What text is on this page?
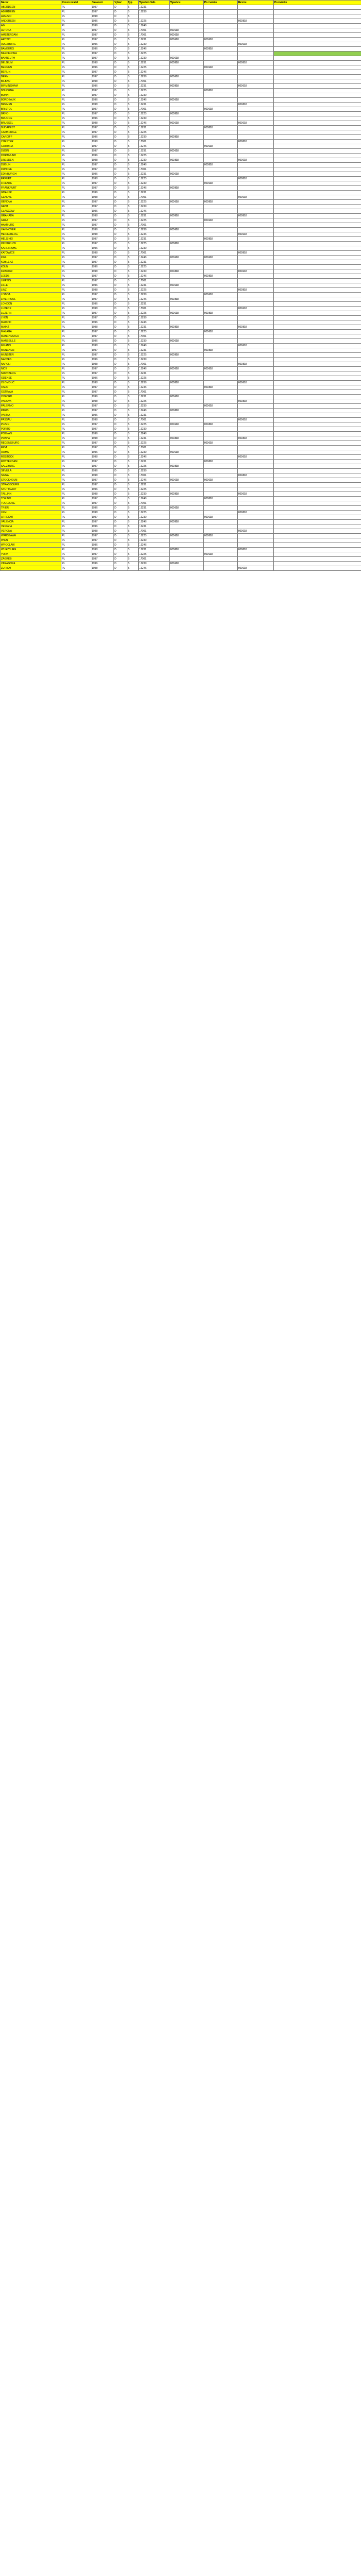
Název	Provozovatel	Nasazení	Výkon	Typ	Výrobní číslo	Výrobce	Poznámka	Revize	Poznámka
ABERDEEN	PL	1997	D	5	16231				
ABERDEEN	PL	1997	D	5	16239				
AREZZO	PL	1998	D	5					
ANDERSEN	PL	1996	D	5	16225			060818	
AIN	PL	1996	D	5	16246				
ALTONA	PL	1997	D	5	17001	060618			
AMSTERDAM	PL	1997	D	5	17001	060618			
ARCTIC	PL	1997	D	5	16231	060618	050618		
AUGSBURG	PL	1996	D	5	16239			060618	
BAMBERG	PL	1996	D	5	16246		060818		
BARCELONA	PL	1997	D	5	16225				
BAYREUTH	PL	1997	D	5	16239	060618			
BELGIUM	PL	1998	D	5	16231	060818		060818	
BERGEN	PL	1996	D	5	16225		060618		
BERLIN	PL	1997	D	5	16246				
BERN	PL	1997	D	5	16239	060618			
BILBAO	PL	1998	D	5	17001				
BIRMINGHAM	PL	1996	D	5	16231	060818		060618	
BOLOGNA	PL	1997	D	5	16225		060818		
BONN	PL	1997	D	5	16239				
BORDEAUX	PL	1996	D	5	16246	060618			
BREMEN	PL	1998	D	5	16231			060818	
BRISTOL	PL	1997	D	5	17001		060618		
BRNO	PL	1997	D	5	16225	060818			
BRUGGE	PL	1996	D	5	16239				
BRUSSEL	PL	1998	D	5	16246	060618		060618	
BUDAPEST	PL	1997	D	5	16231		060818		
CAMBRIDGE	PL	1997	D	5	16225				
CARDIFF	PL	1996	D	5	16239	060818			
CHESTER	PL	1998	D	5	17001			060818	
COIMBRA	PL	1997	D	5	16246		060618		
DIJON	PL	1997	D	5	16231	060618			
DORTMUND	PL	1996	D	5	16225				
DRESDEN	PL	1998	D	5	16239	060818		060618	
DUBLIN	PL	1997	D	5	16246		060818		
DUNDEE	PL	1997	D	5	17001				
EDINBURGH	PL	1996	D	5	16231	060618			
ERFURT	PL	1998	D	5	16225			060818	
FIRENZE	PL	1997	D	5	16239		060618		
FRANKFURT	PL	1997	D	5	16246	060818			
GDANSK	PL	1996	D	5	16231				
GENEVE	PL	1998	D	5	17001			060618	
GENOVA	PL	1997	D	5	16225	060618	060818		
GENT	PL	1997	D	5	16239				
GLASGOW	PL	1996	D	5	16246				
GRANADA	PL	1998	D	5	16231	060818		060818	
GRAZ	PL	1997	D	5	16225		060618		
HAMBURG	PL	1997	D	5	17001				
HANNOVER	PL	1996	D	5	16239	060618			
HEIDELBERG	PL	1998	D	5	16246			060618	
HELSINKI	PL	1997	D	5	16231		060818		
INNSBRUCK	PL	1997	D	5	16225	060818			
KARLSRUHE	PL	1996	D	5	16239				
KATOWICE	PL	1998	D	5	17001			060818	
KIEL	PL	1997	D	5	16246	060618	060618		
KOBLENZ	PL	1997	D	5	16231				
KOLN	PL	1996	D	5	16225				
KRAKOW	PL	1998	D	5	16239	060818		060618	
LEEDS	PL	1997	D	5	16246		060818		
LEIPZIG	PL	1997	D	5	17001				
LILLE	PL	1996	D	5	16231	060618			
LINZ	PL	1998	D	5	16225			060818	
LISBOA	PL	1997	D	5	16239		060618		
LIVERPOOL	PL	1997	D	5	16246	060818			
LONDON	PL	1996	D	5	16231				
LUBECK	PL	1998	D	5	17001			060618	
LUZERN	PL	1997	D	5	16225	060618	060818		
LYON	PL	1997	D	5	16239				
MADRID	PL	1996	D	5	16246				
MAINZ	PL	1998	D	5	16231	060818		060818	
MALAGA	PL	1997	D	5	16225		060618		
MANCHESTER	PL	1997	D	5	17001				
MARSEILLE	PL	1996	D	5	16239	060618			
MILANO	PL	1998	D	5	16246			060618	
MUNCHEN	PL	1997	D	5	16231		060818		
MUNSTER	PL	1997	D	5	16225	060818			
NANTES	PL	1996	D	5	16239				
NAPOLI	PL	1998	D	5	17001			060818	
NICE	PL	1997	D	5	16246	060618	060618		
NURNBERG	PL	1997	D	5	16231				
ODENSE	PL	1996	D	5	16225				
OLOMOUC	PL	1998	D	5	16239	060818		060618	
OSLO	PL	1997	D	5	16246		060818		
OSTRAVA	PL	1997	D	5	17001				
OXFORD	PL	1996	D	5	16231	060618			
PADOVA	PL	1998	D	5	16225			060818	
PALERMO	PL	1997	D	5	16239		060618		
PARIS	PL	1997	D	5	16246	060818			
PARMA	PL	1996	D	5	16231				
PASSAU	PL	1998	D	5	17001			060618	
PLZEN	PL	1997	D	5	16225	060618	060818		
PORTO	PL	1997	D	5	16239				
POZNAN	PL	1996	D	5	16246				
PRAHA	PL	1998	D	5	16231	060818		060818	
REGENSBURG	PL	1997	D	5	16225		060618		
RIGA	PL	1997	D	5	17001				
ROMA	PL	1996	D	5	16239	060618			
ROSTOCK	PL	1998	D	5	16246			060618	
ROTTERDAM	PL	1997	D	5	16231		060818		
SALZBURG	PL	1997	D	5	16225	060818			
SEVILLA	PL	1996	D	5	16239				
SIENA	PL	1998	D	5	17001			060818	
STOCKHOLM	PL	1997	D	5	16246	060618	060618		
STRASBOURG	PL	1997	D	5	16231				
STUTTGART	PL	1996	D	5	16225				
TALLINN	PL	1998	D	5	16239	060818		060618	
TORINO	PL	1997	D	5	16246		060818		
TOULOUSE	PL	1997	D	5	17001				
TRIER	PL	1996	D	5	16231	060618			
ULM	PL	1998	D	5	16225			060818	
UTRECHT	PL	1997	D	5	16239		060618		
VALENCIA	PL	1997	D	5	16246	060818			
VENEZIA	PL	1996	D	5	16231				
VERONA	PL	1998	D	5	17001			060618	
WARSZAWA	PL	1997	D	5	16225	060618	060818		
WIEN	PL	1997	D	5	16239				
WROCLAW	PL	1996	D	5	16246				
WURZBURG	PL	1998	D	5	16231	060818		060818	
YORK	PL	1997	D	5	16225		060618		
ZAGREB	PL	1997	D	5	17001				
ZARAGOZA	PL	1996	D	5	16239	060618			
ZURICH	PL	1998	D	5	16246			060618	
